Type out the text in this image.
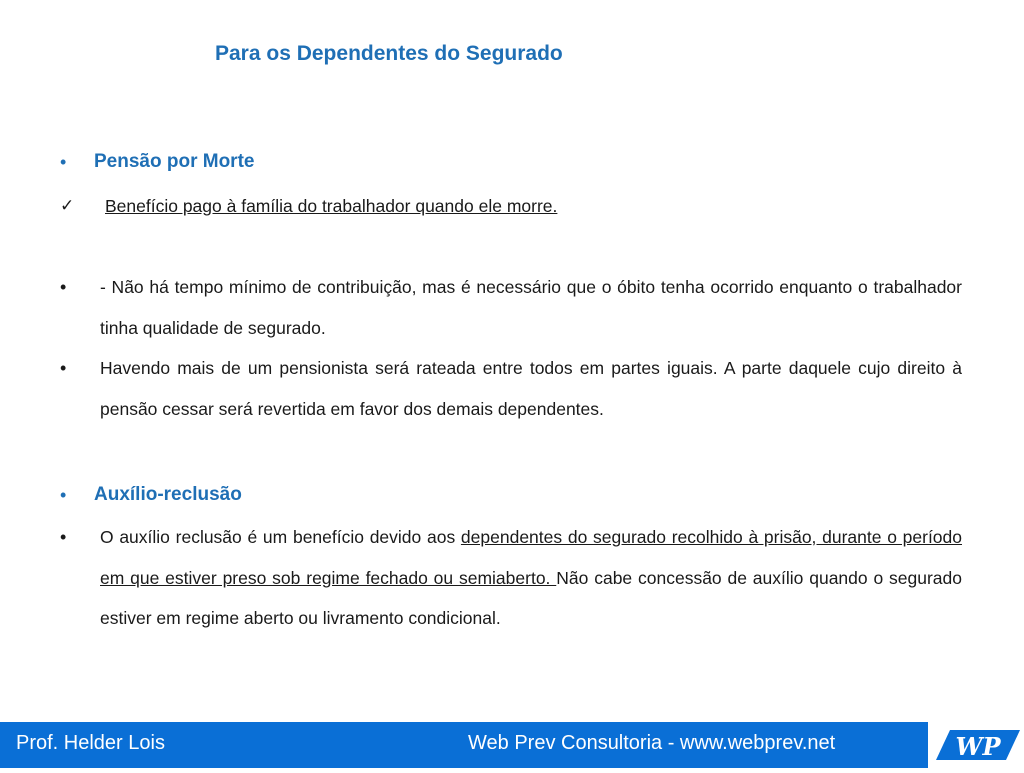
Para os Dependentes do Segurado
• Pensão por Morte
✓ Benefício pago à família do trabalhador quando ele morre.
• - Não há tempo mínimo de contribuição, mas é necessário que o óbito tenha ocorrido enquanto o trabalhador tinha qualidade de segurado.
• Havendo mais de um pensionista será rateada entre todos em partes iguais. A parte daquele cujo direito à pensão cessar será revertida em favor dos demais dependentes.
• Auxílio-reclusão
• O auxílio reclusão é um benefício devido aos dependentes do segurado recolhido à prisão, durante o período em que estiver preso sob regime fechado ou semiaberto. Não cabe concessão de auxílio quando o segurado estiver em regime aberto ou livramento condicional.
Prof. Helder Lois	Web Prev Consultoria - www.webprev.net	WP
